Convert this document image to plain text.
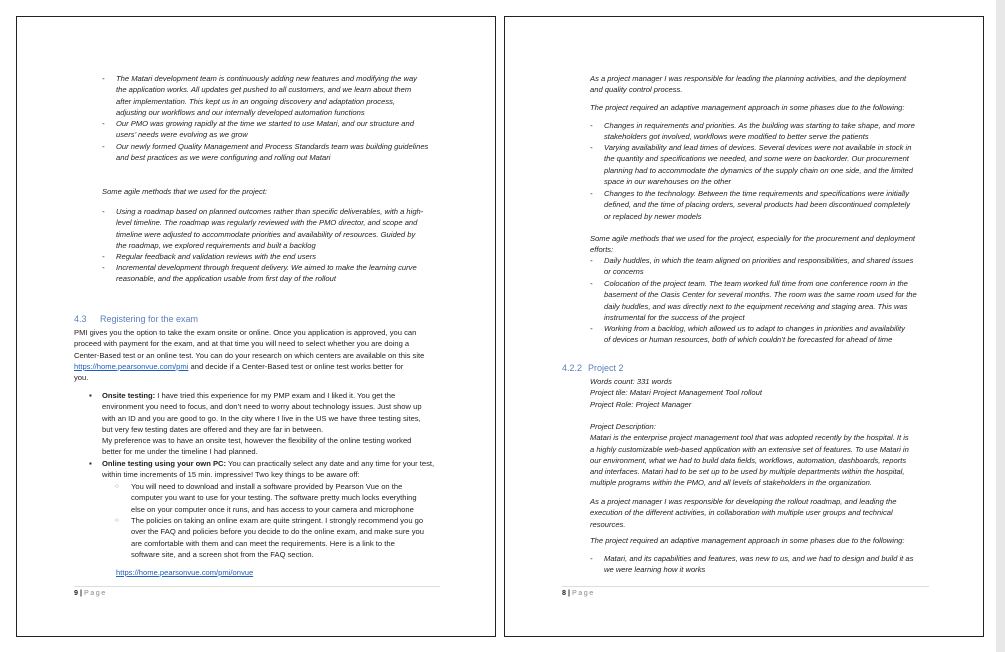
- The Matari development team is continuously adding new features and modifying the way
the application works. All updates get pushed to all customers, and we learn about them
after implementation. This kept us in an ongoing discovery and adaptation process,
adjusting our workflows and our internally developed automation functions
- Our PMO was growing rapidly at the time we started to use Matari, and our structure and
users’ needs were evolving as we grow
- Our newly formed Quality Management and Process Standards team was building guidelines
and best practices as we were configuring and rolling out Matari
Some agile methods that we used for the project:
- Using a roadmap based on planned outcomes rather than specific deliverables, with a high-
level timeline. The roadmap was regularly reviewed with the PMO director, and scope and
timeline were adjusted to accommodate priorities and availability of resources. Guided by
the roadmap, we explored requirements and built a backlog
- Regular feedback and validation reviews with the end users
- Incremental development through frequent delivery. We aimed to make the learning curve
reasonable, and the application usable from first day of the rollout
4.3 Registering for the exam
PMI gives you the option to take the exam onsite or online. Once you application is approved, you can
proceed with payment for the exam, and at that time you will need to select whether you are doing a
Center-Based test or an online test. You can do your research on which centers are available on this site
https://home.pearsonvue.com/pmi and decide if a Center-Based test or online test works better for
you.
▪ Onsite testing: I have tried this experience for my PMP exam and I liked it. You get the
environment you need to focus, and don’t need to worry about technology issues. Just show up
with an ID and you are good to go. In the city where I live in the US we have three testing sites,
but very few testing dates are offered and they are far in between.
My preference was to have an onsite test, however the flexibility of the online testing worked
better for me under the timeline I had planned.
▪ Online testing using your own PC: You can practically select any date and any time for your test,
within time increments of 15 min. impressive! Two key things to be aware off:
○ You will need to download and install a software provided by Pearson Vue on the
computer you want to use for your testing. The software pretty much locks everything
else on your computer once it runs, and has access to your camera and microphone
○ The policies on taking an online exam are quite stringent. I strongly recommend you go
over the FAQ and policies before you decide to do the online exam, and make sure you
are comfortable with them and can meet the requirements. Here is a link to the
software site, and a screen shot from the FAQ section.
https://home.pearsonvue.com/pmi/onvue
9 | Page
As a project manager I was responsible for leading the planning activities, and the deployment
and quality control process.
The project required an adaptive management approach in some phases due to the following:
- Changes in requirements and priorities. As the building was starting to take shape, and more
stakeholders got involved, workflows were modified to better serve the patients
- Varying availability and lead times of devices. Several devices were not available in stock in
the quantity and specifications we needed, and some were on backorder. Our procurement
planning had to accommodate the dynamics of the supply chain on one side, and the limited
space in our warehouses on the other
- Changes to the technology. Between the time requirements and specifications were initially
defined, and the time of placing orders, several products had been discontinued completely
or replaced by newer models
Some agile methods that we used for the project, especially for the procurement and deployment
efforts:
- Daily huddles, in which the team aligned on priorities and responsibilities, and shared issues
or concerns
- Colocation of the project team. The team worked full time from one conference room in the
basement of the Oasis Center for several months. The room was the same room used for the
daily huddles, and was directly next to the equipment receiving and staging area. This was
instrumental for the success of the project
- Working from a backlog, which allowed us to adapt to changes in priorities and availability
of devices or human resources, both of which couldn’t be forecasted for ahead of time
4.2.2 Project 2
Words count: 331 words
Project tile: Matari Project Management Tool rollout
Project Role: Project Manager
Project Description:
Matari is the enterprise project management tool that was adopted recently by the hospital. It is
a highly customizable web-based application with an extensive set of features. To use Matari in
our environment, what we had to build data fields, workflows, automation, dashboards, reports
and interfaces. Matari had to be set up to be used by multiple departments within the hospital,
multiple programs within the PMO, and all levels of stakeholders in the organization.
As a project manager I was responsible for developing the rollout roadmap, and leading the
execution of the different activities, in collaboration with multiple user groups and technical
resources.
The project required an adaptive management approach in some phases due to the following:
- Matari, and its capabilities and features, was new to us, and we had to design and build it as
we were learning how it works
8 | Page
